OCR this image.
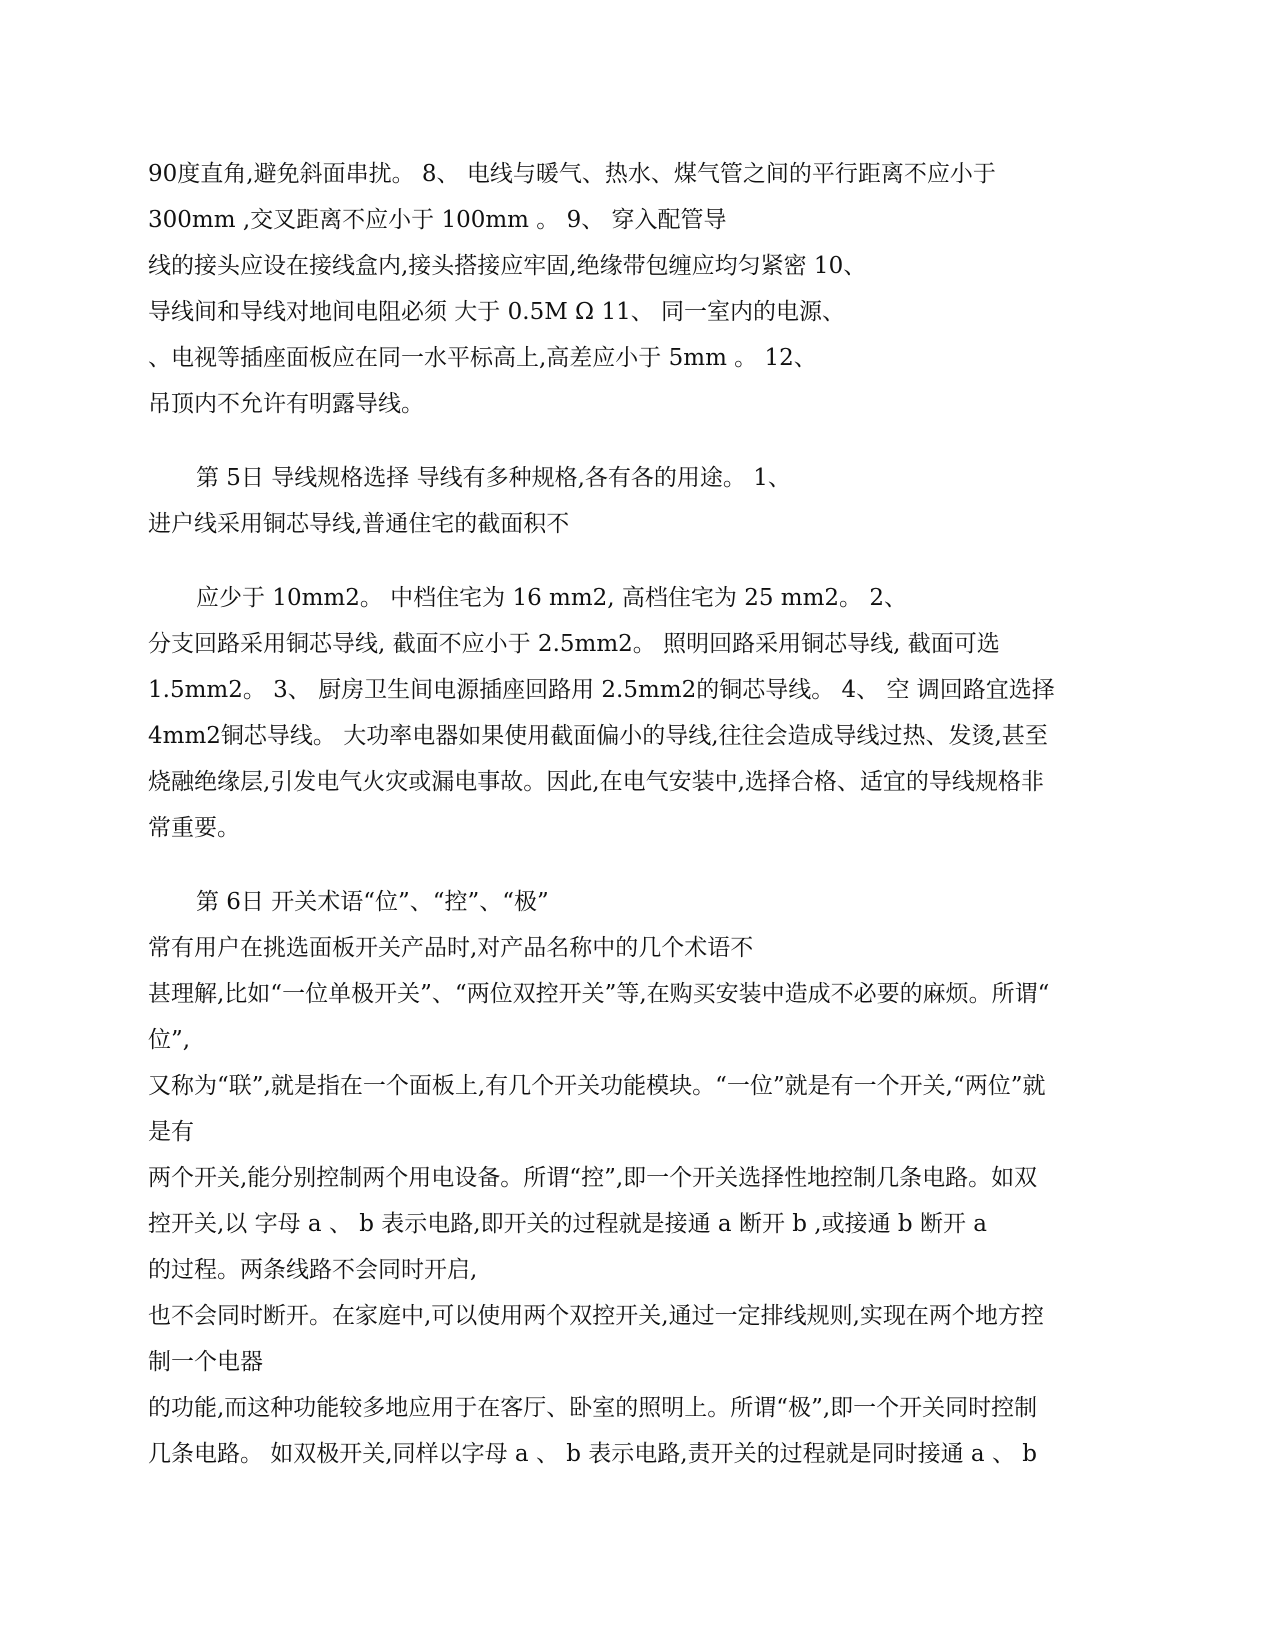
90度直角,避免斜面串扰。 8、 电线与暖气、热水、煤气管之间的平行距离不应小于
300mm ,交叉距离不应小于 100mm 。 9、 穿入配管导
线的接头应设在接线盒内,接头搭接应牢固,绝缘带包缠应均匀紧密 10、
导线间和导线对地间电阻必须 大于 0.5M Ω 11、 同一室内的电源、
、电视等插座面板应在同一水平标高上,高差应小于 5mm 。 12、
吊顶内不允许有明露导线。
第 5日 导线规格选择 导线有多种规格,各有各的用途。 1、
进户线采用铜芯导线,普通住宅的截面积不
应少于 10mm2。 中档住宅为 16 mm2, 高档住宅为 25 mm2。 2、
分支回路采用铜芯导线, 截面不应小于 2.5mm2。 照明回路采用铜芯导线, 截面可选
1.5mm2。 3、 厨房卫生间电源插座回路用 2.5mm2的铜芯导线。 4、 空 调回路宜选择
4mm2铜芯导线。 大功率电器如果使用截面偏小的导线,往往会造成导线过热、发烫,甚至
烧融绝缘层,引发电气火灾或漏电事故。因此,在电气安装中,选择合格、适宜的导线规格非
常重要。
第 6日 开关术语“位”、“控”、“极”
常有用户在挑选面板开关产品时,对产品名称中的几个术语不
甚理解,比如“一位单极开关”、“两位双控开关”等,在购买安装中造成不必要的麻烦。所谓“
位”,
又称为“联”,就是指在一个面板上,有几个开关功能模块。“一位”就是有一个开关,“两位”就
是有
两个开关,能分别控制两个用电设备。所谓“控”,即一个开关选择性地控制几条电路。如双
控开关,以 字母 a 、 b 表示电路,即开关的过程就是接通 a 断开 b ,或接通 b 断开 a
的过程。两条线路不会同时开启,
也不会同时断开。在家庭中,可以使用两个双控开关,通过一定排线规则,实现在两个地方控
制一个电器
的功能,而这种功能较多地应用于在客厅、卧室的照明上。所谓“极”,即一个开关同时控制
几条电路。 如双极开关,同样以字母 a 、 b 表示电路,责开关的过程就是同时接通 a 、 b
